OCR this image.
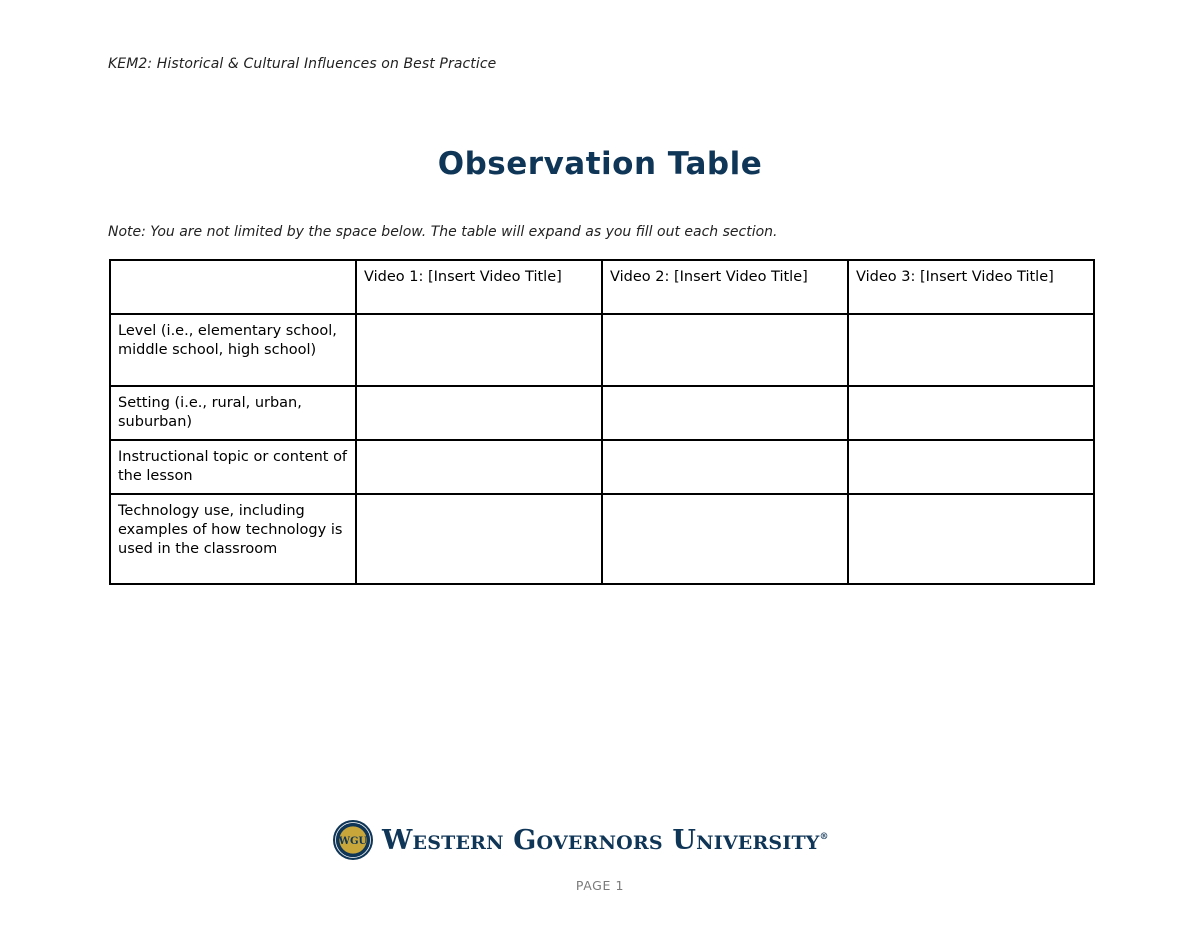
KEM2: Historical & Cultural Influences on Best Practice
Observation Table
Note: You are not limited by the space below. The table will expand as you fill out each section.
	Video 1: [Insert Video Title]	Video 2: [Insert Video Title]	Video 3: [Insert Video Title]
Level (i.e., elementary school, middle school, high school)			
Setting (i.e., rural, urban, suburban)			
Instructional topic or content of the lesson			
Technology use, including examples of how technology is used in the classroom			
WGU Western Governors University®
PAGE 1
